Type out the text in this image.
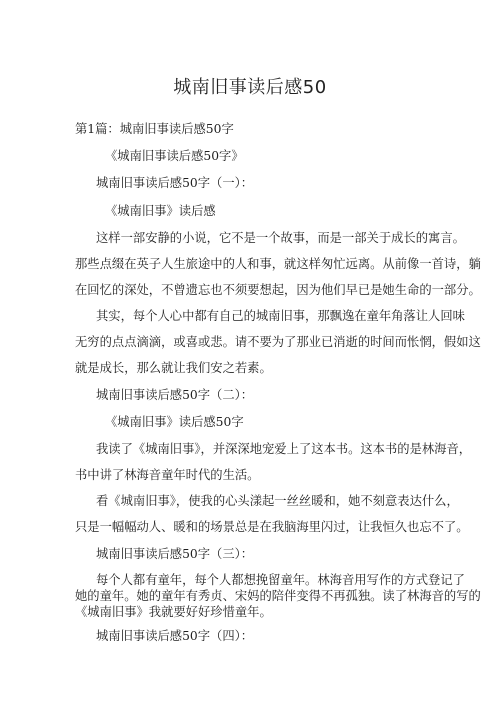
城南旧事读后感50
第1篇：城南旧事读后感50字
《城南旧事读后感50字》
城南旧事读后感50字（一）：
《城南旧事》读后感
这样一部安静的小说，它不是一个故事，而是一部关于成长的寓言。
那些点缀在英子人生旅途中的人和事，就这样匆忙远离。从前像一首诗，躺
在回忆的深处，不曾遗忘也不须要想起，因为他们早已是她生命的一部分。
其实，每个人心中都有自己的城南旧事，那飘逸在童年角落让人回味
无穷的点点滴滴，或喜或悲。请不要为了那业已消逝的时间而怅惘，假如这
就是成长，那么就让我们安之若素。
城南旧事读后感50字（二）：
《城南旧事》读后感50字
我读了《城南旧事》，并深深地宠爱上了这本书。这本书的是林海音，
书中讲了林海音童年时代的生活。
看《城南旧事》，使我的心头漾起一丝丝暖和，她不刻意表达什么，
只是一幅幅动人、暖和的场景总是在我脑海里闪过，让我恒久也忘不了。
城南旧事读后感50字（三）：
每个人都有童年，每个人都想挽留童年。林海音用写作的方式登记了
她的童年。她的童年有秀贞、宋妈的陪伴变得不再孤独。读了林海音的写的
《城南旧事》我就要好好珍惜童年。
城南旧事读后感50字（四）：
